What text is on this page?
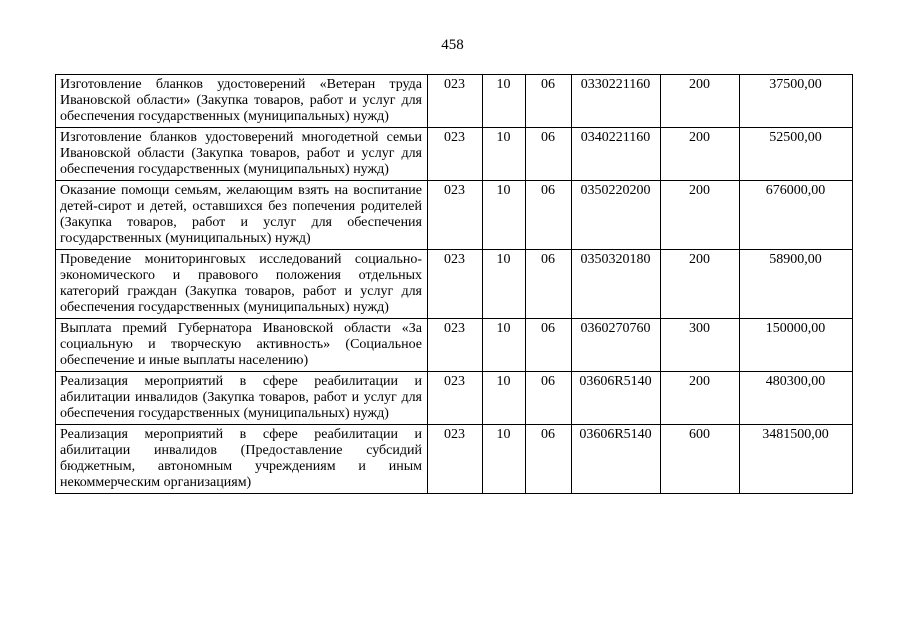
458
Изготовление бланков удостоверений «Ветеран труда Ивановской области» (Закупка товаров, работ и услуг для обеспечения государственных (муниципальных) нужд)	023	10	06	0330221160	200	37500,00
Изготовление бланков удостоверений многодетной семьи Ивановской области (Закупка товаров, работ и услуг для обеспечения государственных (муниципальных) нужд)	023	10	06	0340221160	200	52500,00
Оказание помощи семьям, желающим взять на воспитание детей-сирот и детей, оставшихся без попечения родителей (Закупка товаров, работ и услуг для обеспечения государственных (муниципальных) нужд)	023	10	06	0350220200	200	676000,00
Проведение мониторинговых исследований социально-экономического и правового положения отдельных категорий граждан (Закупка товаров, работ и услуг для обеспечения государственных (муниципальных) нужд)	023	10	06	0350320180	200	58900,00
Выплата премий Губернатора Ивановской области «За социальную и творческую активность» (Социальное обеспечение и иные выплаты населению)	023	10	06	0360270760	300	150000,00
Реализация мероприятий в сфере реабилитации и абилитации инвалидов (Закупка товаров, работ и услуг для обеспечения государственных (муниципальных) нужд)	023	10	06	03606R5140	200	480300,00
Реализация мероприятий в сфере реабилитации и абилитации инвалидов (Предоставление субсидий бюджетным, автономным учреждениям и иным некоммерческим организациям)	023	10	06	03606R5140	600	3481500,00
